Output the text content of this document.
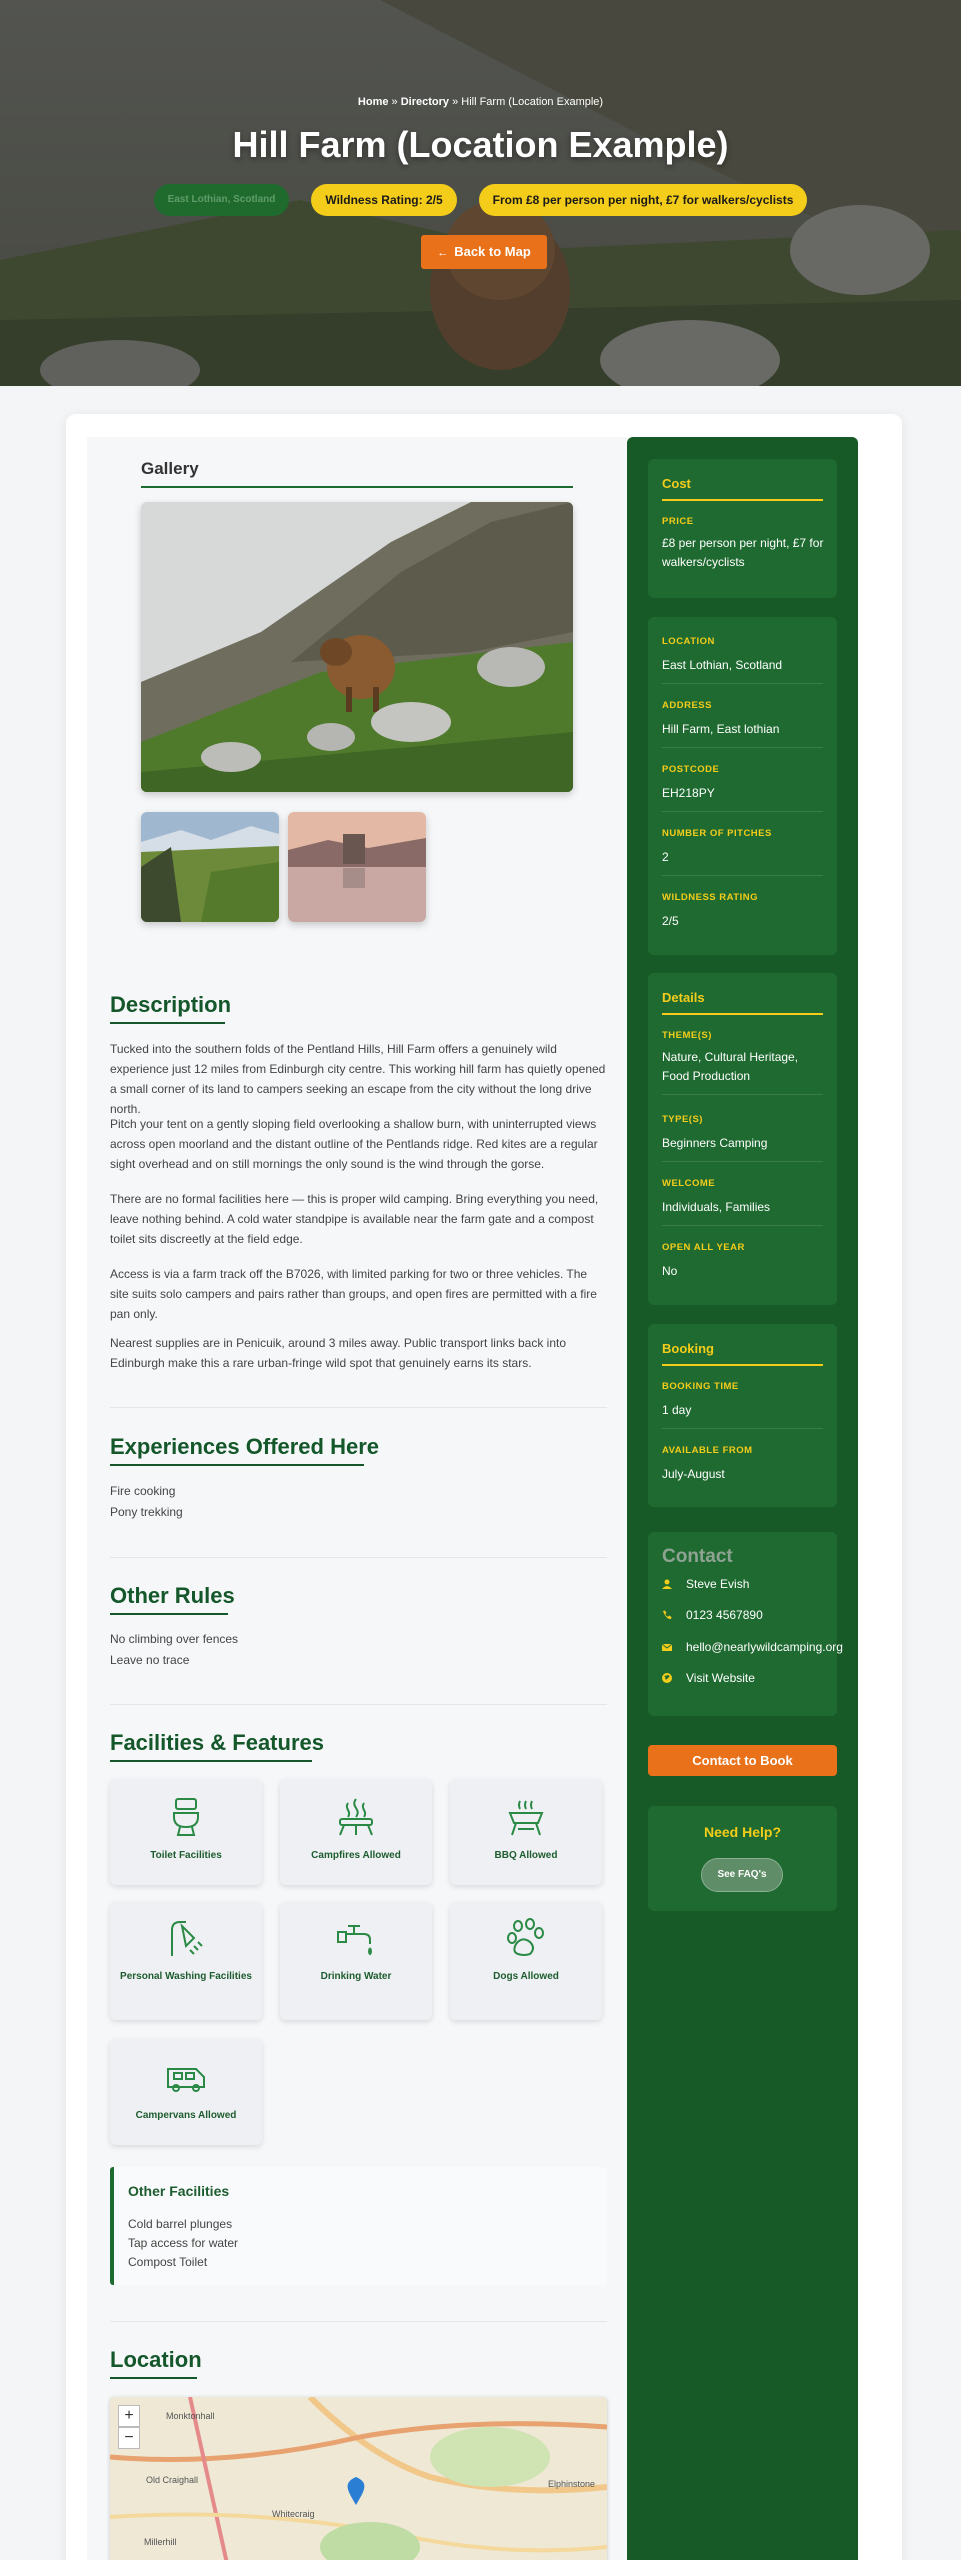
Home » Directory » Hill Farm (Location Example)
Hill Farm (Location Example)
East Lothian, Scotland	Wildness Rating: 2/5	From £8 per person per night, £7 for walkers/cyclists
← Back to Map
Gallery
Description
Tucked into the southern folds of the Pentland Hills, Hill Farm offers a genuinely wild experience just 12 miles from Edinburgh city centre. This working hill farm has quietly opened a small corner of its land to campers seeking an escape from the city without the long drive north.
Pitch your tent on a gently sloping field overlooking a shallow burn, with uninterrupted views across open moorland and the distant outline of the Pentlands ridge. Red kites are a regular sight overhead and on still mornings the only sound is the wind through the gorse.
There are no formal facilities here — this is proper wild camping. Bring everything you need, leave nothing behind. A cold water standpipe is available near the farm gate and a compost toilet sits discreetly at the field edge.
Access is via a farm track off the B7026, with limited parking for two or three vehicles. The site suits solo campers and pairs rather than groups, and open fires are permitted with a fire pan only.
Nearest supplies are in Penicuik, around 3 miles away. Public transport links back into Edinburgh make this a rare urban-fringe wild spot that genuinely earns its stars.
Experiences Offered Here
Fire cooking
Pony trekking
Other Rules
No climbing over fences
Leave no trace
Facilities & Features
Toilet Facilities	Campfires Allowed	BBQ Allowed
Personal Washing Facilities	Drinking Water	Dogs Allowed
Campervans Allowed
Other Facilities
Cold barrel plunges
Tap access for water
Compost Toilet
Location
+
−
Monktonhall
Old Craighall
Whitecraig
Elphinstone
Millerhill
Cost
PRICE
£8 per person per night, £7 for walkers/cyclists
LOCATION
East Lothian, Scotland
ADDRESS
Hill Farm, East lothian
POSTCODE
EH218PY
NUMBER OF PITCHES
2
WILDNESS RATING
2/5
Details
THEME(S)
Nature, Cultural Heritage, Food Production
TYPE(S)
Beginners Camping
WELCOME
Individuals, Families
OPEN ALL YEAR
No
Booking
BOOKING TIME
1 day
AVAILABLE FROM
July-August
Contact
Steve Evish
0123 4567890
hello@nearlywildcamping.org
Visit Website
Contact to Book
Need Help?
See FAQ's
